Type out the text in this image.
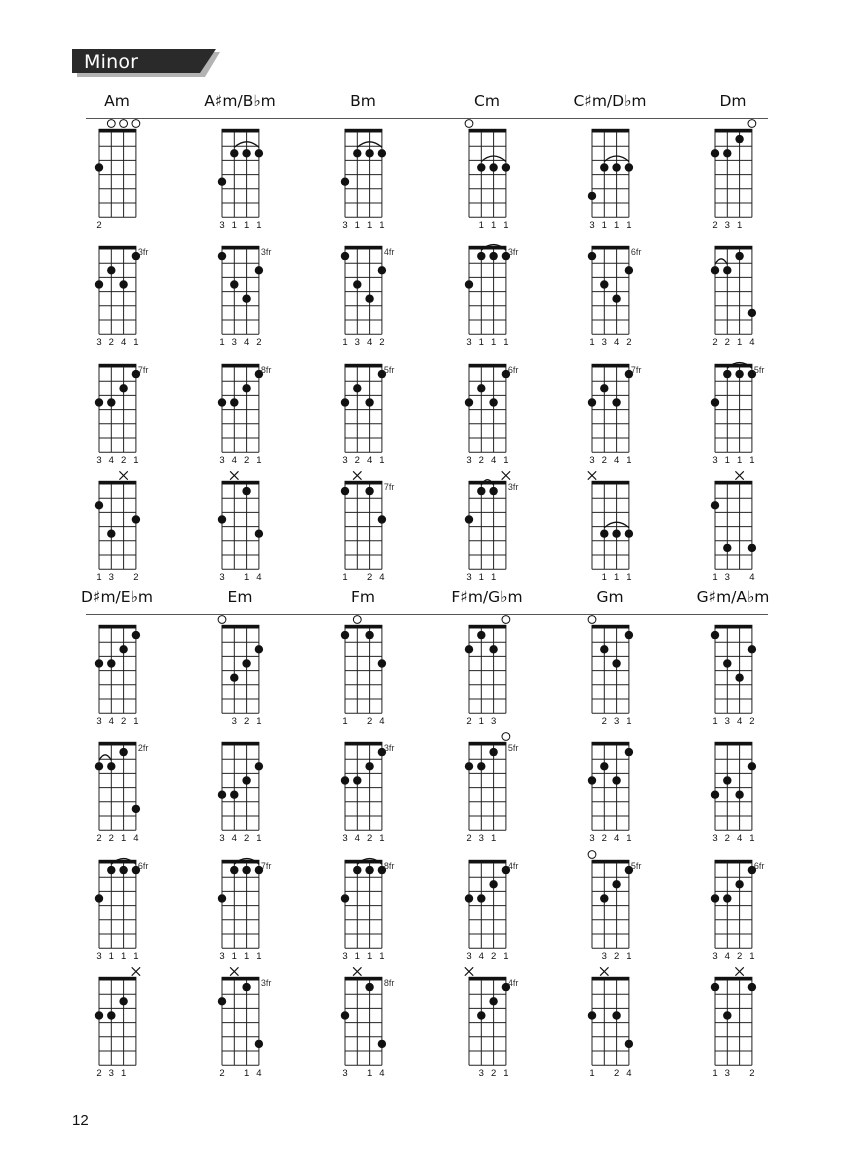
Minor
Am
2
3fr
3 2 4 1
7fr
3 4 2 1
1 3 2
A♯m/B♭m
3 1 1 1
3fr
1 3 4 2
8fr
3 4 2 1
3 1 4
Bm
3 1 1 1
4fr
1 3 4 2
5fr
3 2 4 1
7fr
1 2 4
Cm
1 1 1
3fr
3 1 1 1
6fr
3 2 4 1
3fr
3 1 1
C♯m/D♭m
3 1 1 1
6fr
1 3 4 2
7fr
3 2 4 1
1 1 1
Dm
2 3 1
2 2 1 4
5fr
3 1 1 1
1 3 4
D♯m/E♭m
3 4 2 1
2fr
2 2 1 4
6fr
3 1 1 1
2 3 1
Em
3 2 1
3 4 2 1
7fr
3 1 1 1
3fr
2 1 4
Fm
1 2 4
3fr
3 4 2 1
8fr
3 1 1 1
8fr
3 1 4
F♯m/G♭m
2 1 3
5fr
2 3 1
4fr
3 4 2 1
4fr
3 2 1
Gm
2 3 1
3 2 4 1
5fr
3 2 1
1 2 4
G♯m/A♭m
1 3 4 2
3 2 4 1
6fr
3 4 2 1
1 3 2
12
